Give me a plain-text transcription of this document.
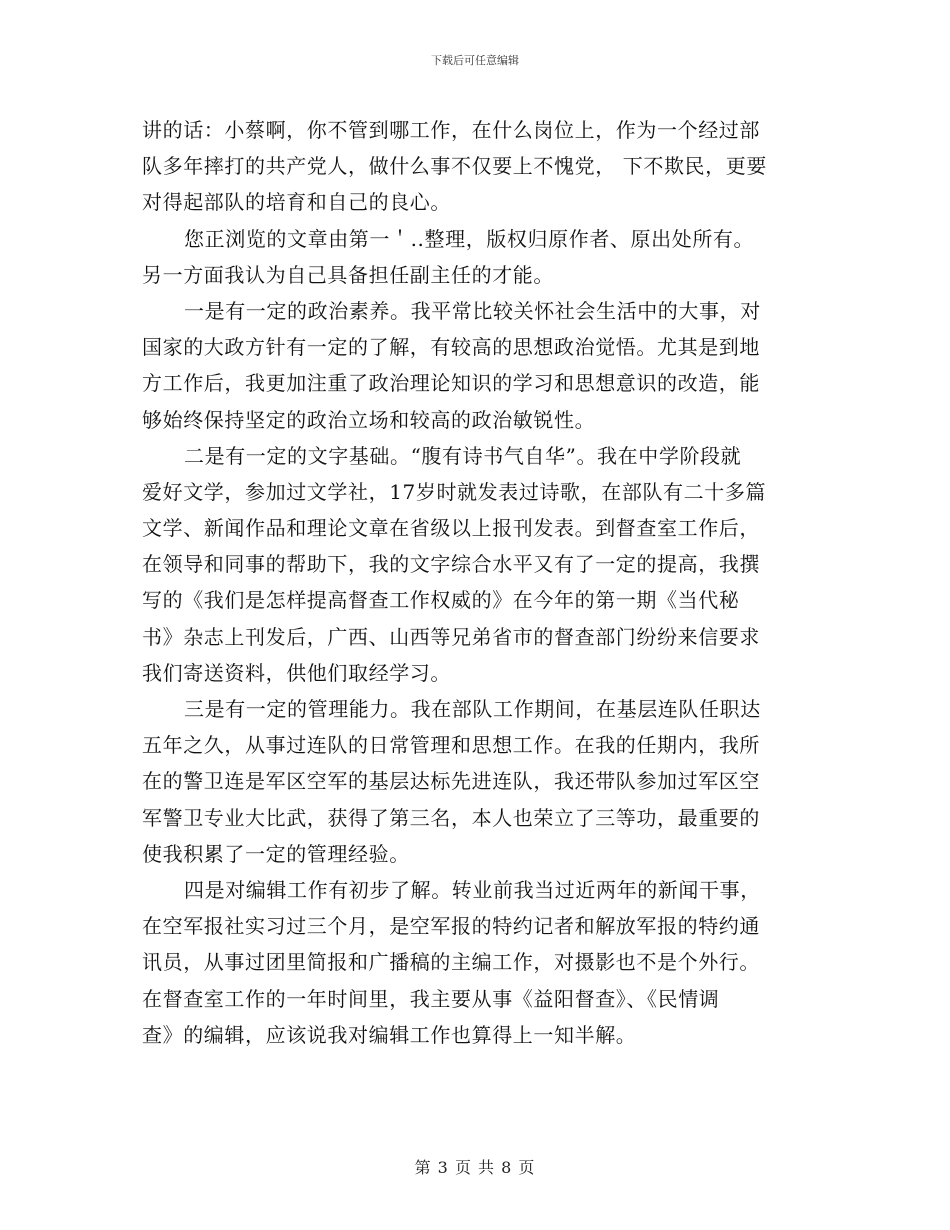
下载后可任意编辑
讲的话：小蔡啊，你不管到哪工作，在什么岗位上，作为一个经过部
队多年摔打的共产党人，做什么事不仅要上不愧党， 下不欺民，更要
对得起部队的培育和自己的良心。
您正浏览的文章由第一＇..整理，版权归原作者、原出处所有。
另一方面我认为自己具备担任副主任的才能。
一是有一定的政治素养。我平常比较关怀社会生活中的大事，对
国家的大政方针有一定的了解，有较高的思想政治觉悟。尤其是到地
方工作后，我更加注重了政治理论知识的学习和思想意识的改造，能
够始终保持坚定的政治立场和较高的政治敏锐性。
二是有一定的文字基础。“腹有诗书气自华”。我在中学阶段就
爱好文学，参加过文学社，17岁时就发表过诗歌，在部队有二十多篇
文学、新闻作品和理论文章在省级以上报刊发表。到督查室工作后，
在领导和同事的帮助下，我的文字综合水平又有了一定的提高，我撰
写的《我们是怎样提高督查工作权威的》在今年的第一期《当代秘
书》杂志上刊发后，广西、山西等兄弟省市的督查部门纷纷来信要求
我们寄送资料，供他们取经学习。
三是有一定的管理能力。我在部队工作期间，在基层连队任职达
五年之久，从事过连队的日常管理和思想工作。在我的任期内，我所
在的警卫连是军区空军的基层达标先进连队，我还带队参加过军区空
军警卫专业大比武，获得了第三名，本人也荣立了三等功，最重要的
使我积累了一定的管理经验。
四是对编辑工作有初步了解。转业前我当过近两年的新闻干事，
在空军报社实习过三个月，是空军报的特约记者和解放军报的特约通
讯员，从事过团里简报和广播稿的主编工作，对摄影也不是个外行。
在督查室工作的一年时间里，我主要从事《益阳督查》、《民情调
查》的编辑，应该说我对编辑工作也算得上一知半解。
第 3 页 共 8 页
